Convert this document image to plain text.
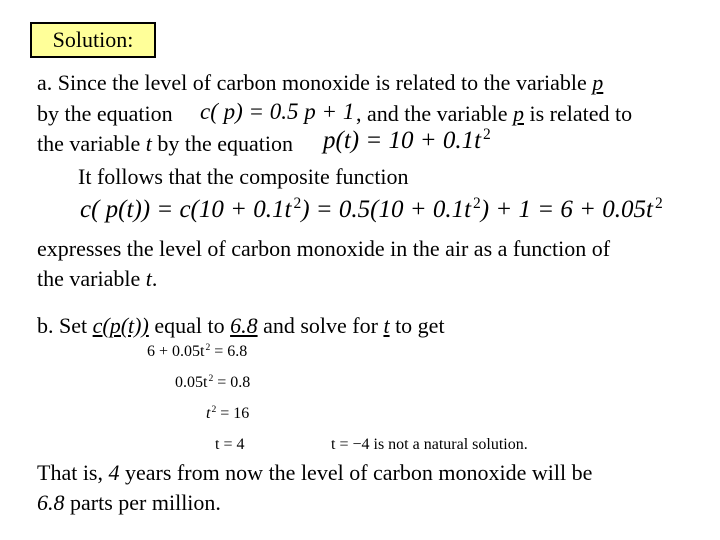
Solution:
a. Since the level of carbon monoxide is related to the variable p
by the equation c( p) = 0.5 p + 1 , and the variable p is related to
the variable t by the equation p(t) = 10 + 0.1t $^2$
It follows that the composite function
c( p(t)) = c(10 + 0.1t $^2$) = 0.5(10 + 0.1t $^2$) + 1 = 6 + 0.05t $^2$
expresses the level of carbon monoxide in the air as a function of
the variable t.
b. Set c(p(t)) equal to 6.8 and solve for t to get
$6 + 0.05t^2 = 6.8$
$0.05t^2 = 0.8$
$t^2 = 16$
t = 4	t = −4 is not a natural solution.
That is, 4 years from now the level of carbon monoxide will be
6.8 parts per million.
